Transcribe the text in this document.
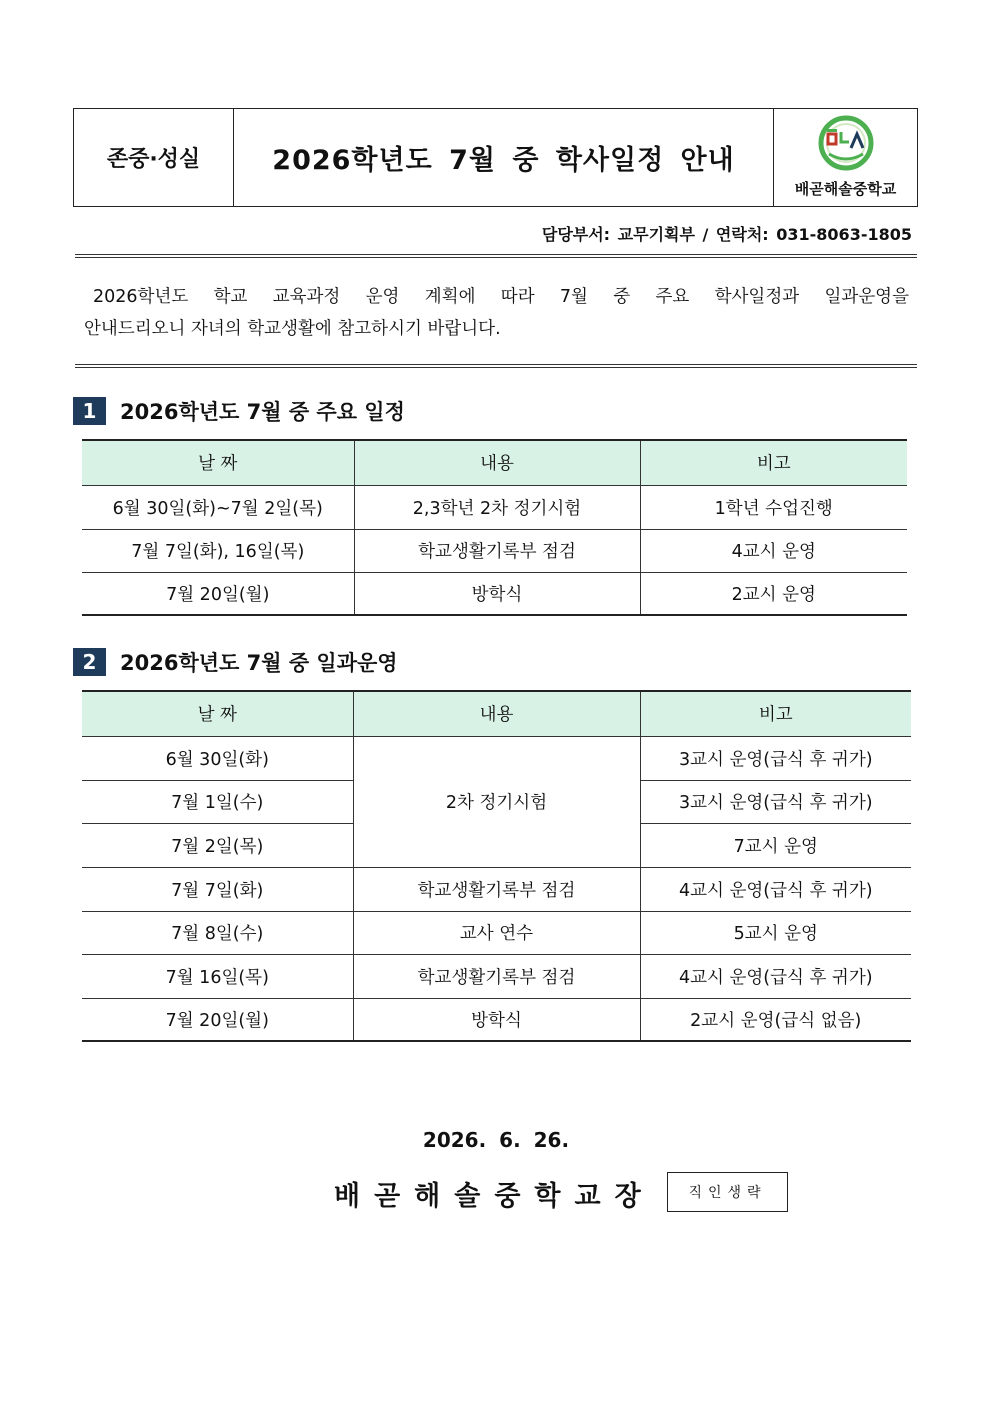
존중·성실	2026학년도 7월 중 학사일정 안내
배곧해솔중학교
담당부서: 교무기획부 / 연락처: 031-8063-1805
2026학년도 학교 교육과정 운영 계획에 따라 7월 중 주요 학사일정과 일과운영을
안내드리오니 자녀의 학교생활에 참고하시기 바랍니다.
1	2026학년도 7월 중 주요 일정
날 짜	내용	비고
6월 30일(화)~7월 2일(목)	2,3학년 2차 정기시험	1학년 수업진행
7월 7일(화), 16일(목)	학교생활기록부 점검	4교시 운영
7월 20일(월)	방학식	2교시 운영
2	2026학년도 7월 중 일과운영
날 짜	내용	비고
6월 30일(화)	2차 정기시험	3교시 운영(급식 후 귀가)
7월 1일(수)		3교시 운영(급식 후 귀가)
7월 2일(목)		7교시 운영
7월 7일(화)	학교생활기록부 점검	4교시 운영(급식 후 귀가)
7월 8일(수)	교사 연수	5교시 운영
7월 16일(목)	학교생활기록부 점검	4교시 운영(급식 후 귀가)
7월 20일(월)	방학식	2교시 운영(급식 없음)
2026. 6. 26.
배곧해솔중학교장	직인생략
